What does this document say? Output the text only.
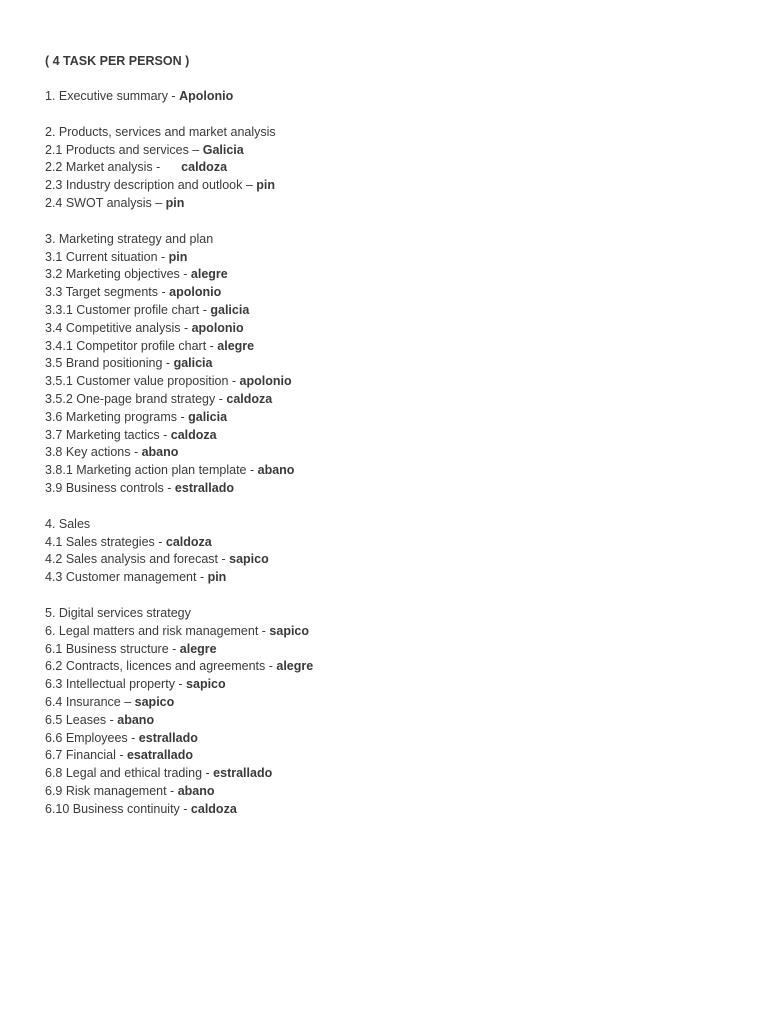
( 4 TASK PER PERSON )

1. Executive summary - Apolonio

2. Products, services and market analysis

2.1 Products and services – Galicia

2.2 Market analysis -      caldoza

2.3 Industry description and outlook – pin

2.4 SWOT analysis – pin

3. Marketing strategy and plan

3.1 Current situation - pin

3.2 Marketing objectives - alegre

3.3 Target segments - apolonio

3.3.1 Customer profile chart - galicia

3.4 Competitive analysis - apolonio

3.4.1 Competitor profile chart - alegre

3.5 Brand positioning - galicia

3.5.1 Customer value proposition - apolonio

3.5.2 One-page brand strategy - caldoza

3.6 Marketing programs - galicia

3.7 Marketing tactics - caldoza

3.8 Key actions - abano

3.8.1 Marketing action plan template - abano

3.9 Business controls - estrallado

4. Sales

4.1 Sales strategies - caldoza

4.2 Sales analysis and forecast - sapico

4.3 Customer management - pin

5. Digital services strategy

6. Legal matters and risk management - sapico

6.1 Business structure - alegre

6.2 Contracts, licences and agreements - alegre

6.3 Intellectual property - sapico

6.4 Insurance – sapico

6.5 Leases - abano

6.6 Employees - estrallado

6.7 Financial - esatrallado

6.8 Legal and ethical trading - estrallado

6.9 Risk management - abano

6.10 Business continuity - caldoza
